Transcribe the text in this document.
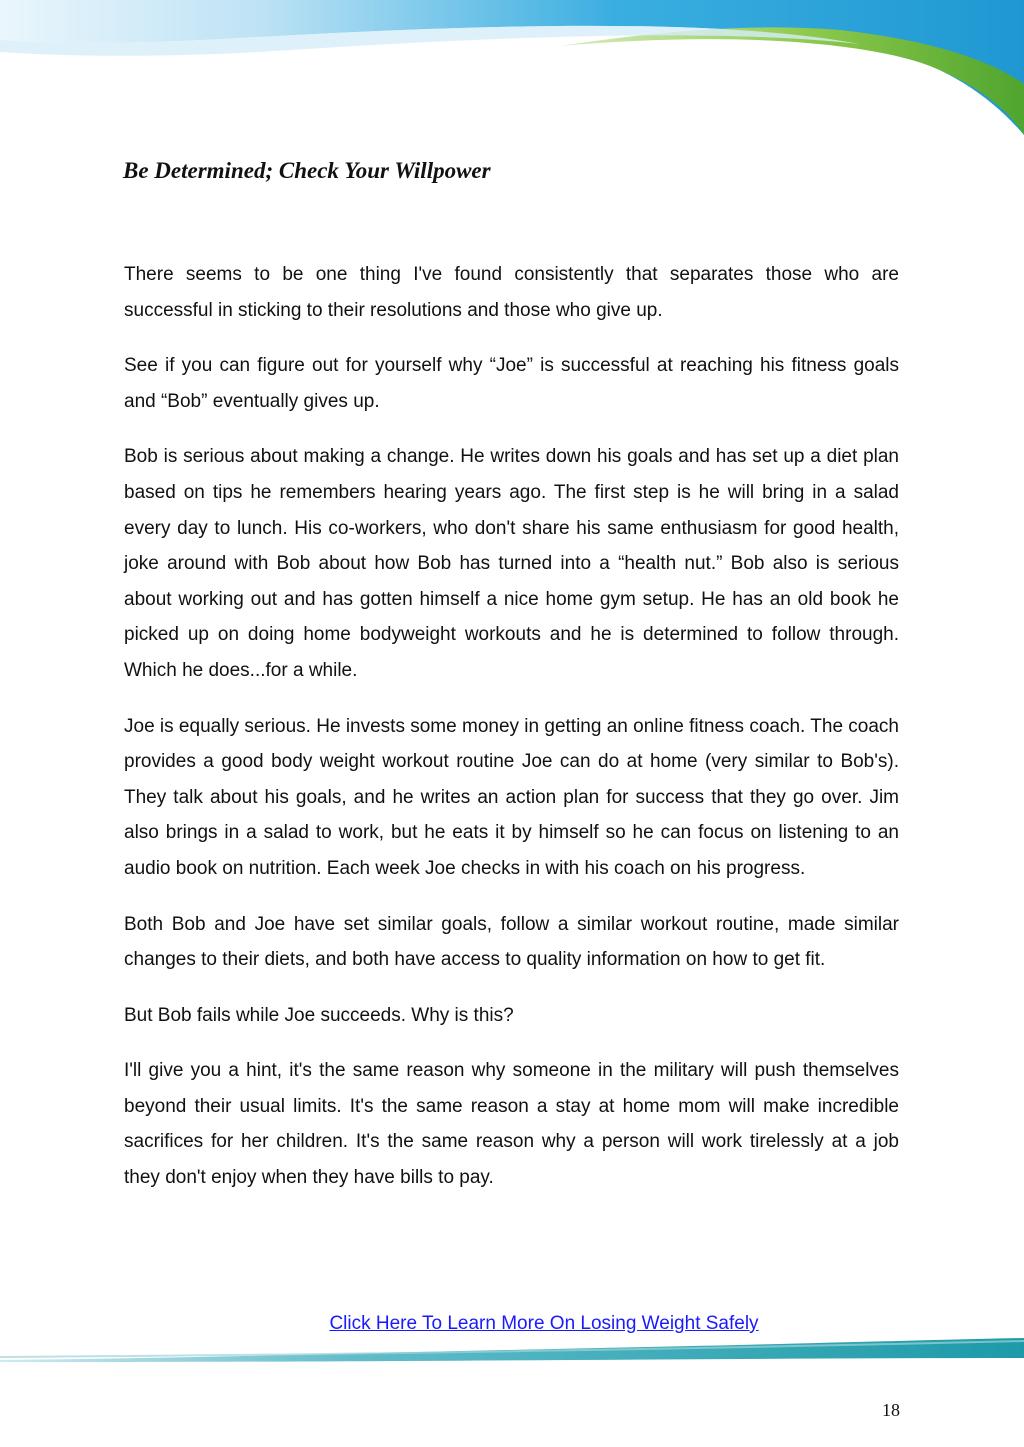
Be Determined; Check Your Willpower

There seems to be one thing I've found consistently that separates those who are successful in sticking to their resolutions and those who give up.

See if you can figure out for yourself why “Joe” is successful at reaching his fitness goals and “Bob” eventually gives up.

Bob is serious about making a change. He writes down his goals and has set up a diet plan based on tips he remembers hearing years ago. The first step is he will bring in a salad every day to lunch. His co-workers, who don't share his same enthusiasm for good health, joke around with Bob about how Bob has turned into a “health nut.” Bob also is serious about working out and has gotten himself a nice home gym setup. He has an old book he picked up on doing home bodyweight workouts and he is determined to follow through. Which he does...for a while.

Joe is equally serious. He invests some money in getting an online fitness coach. The coach provides a good body weight workout routine Joe can do at home (very similar to Bob's). They talk about his goals, and he writes an action plan for success that they go over. Jim also brings in a salad to work, but he eats it by himself so he can focus on listening to an audio book on nutrition. Each week Joe checks in with his coach on his progress.

Both Bob and Joe have set similar goals, follow a similar workout routine, made similar changes to their diets, and both have access to quality information on how to get fit.

But Bob fails while Joe succeeds. Why is this?

I'll give you a hint, it's the same reason why someone in the military will push themselves beyond their usual limits. It's the same reason a stay at home mom will make incredible sacrifices for her children. It's the same reason why a person will work tirelessly at a job they don't enjoy when they have bills to pay.

Click Here To Learn More On Losing Weight Safely
18
